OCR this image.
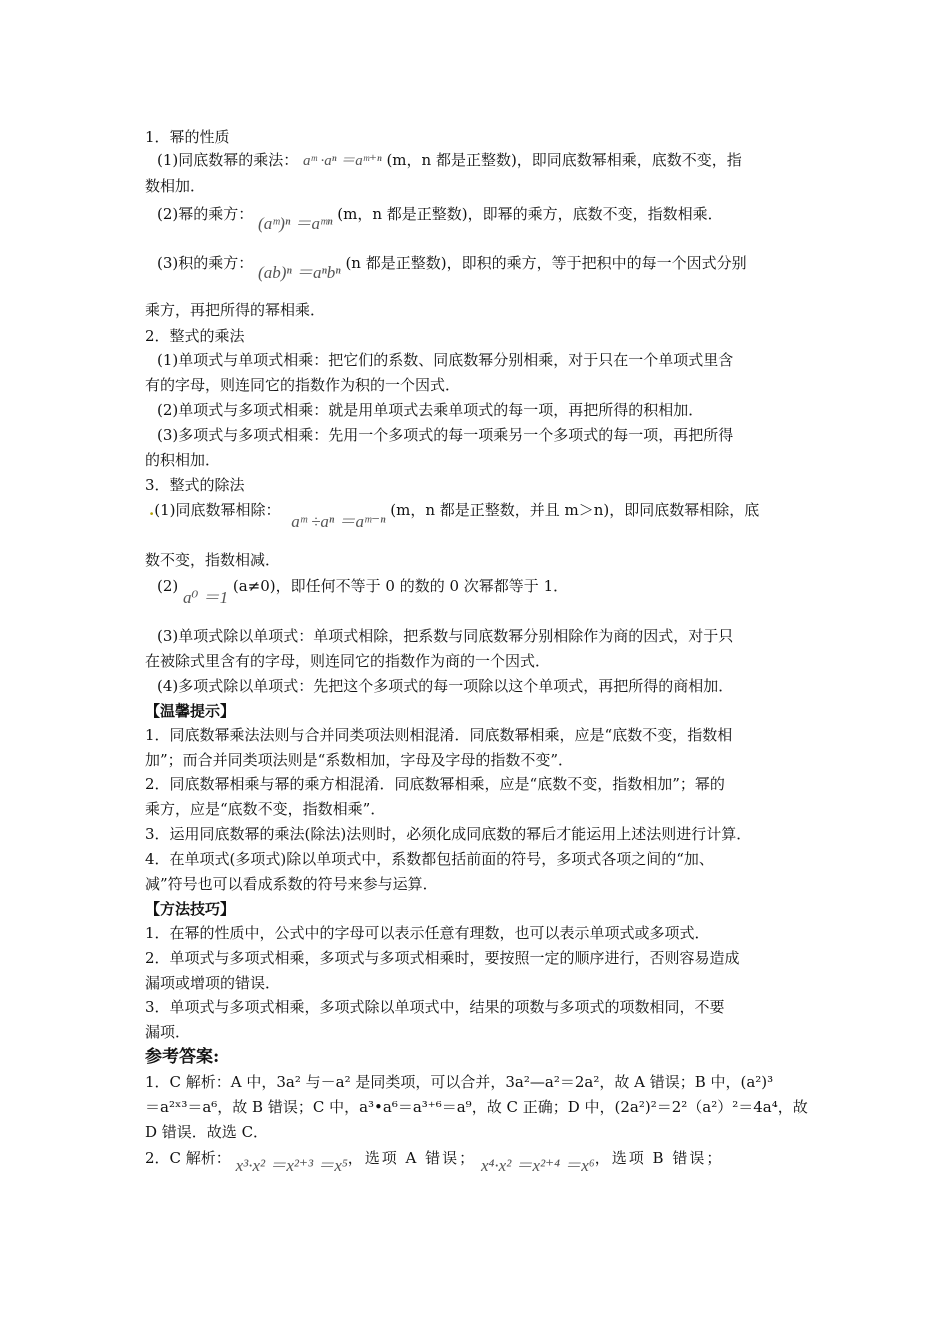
1．幂的性质
(1)同底数幂的乘法： aᵐ ·aⁿ ＝aᵐ⁺ⁿ (m，n 都是正整数)，即同底数幂相乘，底数不变，指
数相加．
(2)幂的乘方： (aᵐ)ⁿ ＝aᵐⁿ (m，n 都是正整数)，即幂的乘方，底数不变，指数相乘．
(3)积的乘方： (ab)ⁿ ＝aⁿbⁿ (n 都是正整数)，即积的乘方，等于把积中的每一个因式分别
乘方，再把所得的幂相乘．
2．整式的乘法
(1)单项式与单项式相乘：把它们的系数、同底数幂分别相乘，对于只在一个单项式里含
有的字母，则连同它的指数作为积的一个因式．
(2)单项式与多项式相乘：就是用单项式去乘单项式的每一项，再把所得的积相加．
(3)多项式与多项式相乘：先用一个多项式的每一项乘另一个多项式的每一项，再把所得
的积相加．
3．整式的除法
.(1)同底数幂相除： aᵐ ÷aⁿ ＝aᵐ⁻ⁿ (m，n 都是正整数，并且 m＞n)，即同底数幂相除，底
数不变，指数相减．
(2) a⁰ ＝1 (a≠0)，即任何不等于 0 的数的 0 次幂都等于 1．
(3)单项式除以单项式：单项式相除，把系数与同底数幂分别相除作为商的因式，对于只
在被除式里含有的字母，则连同它的指数作为商的一个因式．
(4)多项式除以单项式：先把这个多项式的每一项除以这个单项式，再把所得的商相加．
【温馨提示】
1．同底数幂乘法法则与合并同类项法则相混淆．同底数幂相乘，应是“底数不变，指数相
加”；而合并同类项法则是“系数相加，字母及字母的指数不变”．
2．同底数幂相乘与幂的乘方相混淆．同底数幂相乘，应是“底数不变，指数相加”；幂的
乘方，应是“底数不变，指数相乘”．
3．运用同底数幂的乘法(除法)法则时，必须化成同底数的幂后才能运用上述法则进行计算．
4．在单项式(多项式)除以单项式中，系数都包括前面的符号，多项式各项之间的“加、
减”符号也可以看成系数的符号来参与运算．
【方法技巧】
1．在幂的性质中，公式中的字母可以表示任意有理数，也可以表示单项式或多项式．
2．单项式与多项式相乘，多项式与多项式相乘时，要按照一定的顺序进行，否则容易造成
漏项或增项的错误．
3．单项式与多项式相乘，多项式除以单项式中，结果的项数与多项式的项数相同，不要
漏项．
参考答案:
1．C 解析：A 中，3a² 与－a² 是同类项，可以合并，3a²—a²＝2a²，故 A 错误；B 中，(a²)³
＝a²ˣ³＝a⁶，故 B 错误；C 中，a³•a⁶＝a³⁺⁶＝a⁹，故 C 正确；D 中，(2a²)²＝2²（a²）²＝4a⁴，故
D 错误．故选 C．
2．C 解析： x³·x² ＝x²⁺³ ＝x⁵，选项 A 错误； x⁴·x² ＝x²⁺⁴ ＝x⁶，选项 B 错误；
